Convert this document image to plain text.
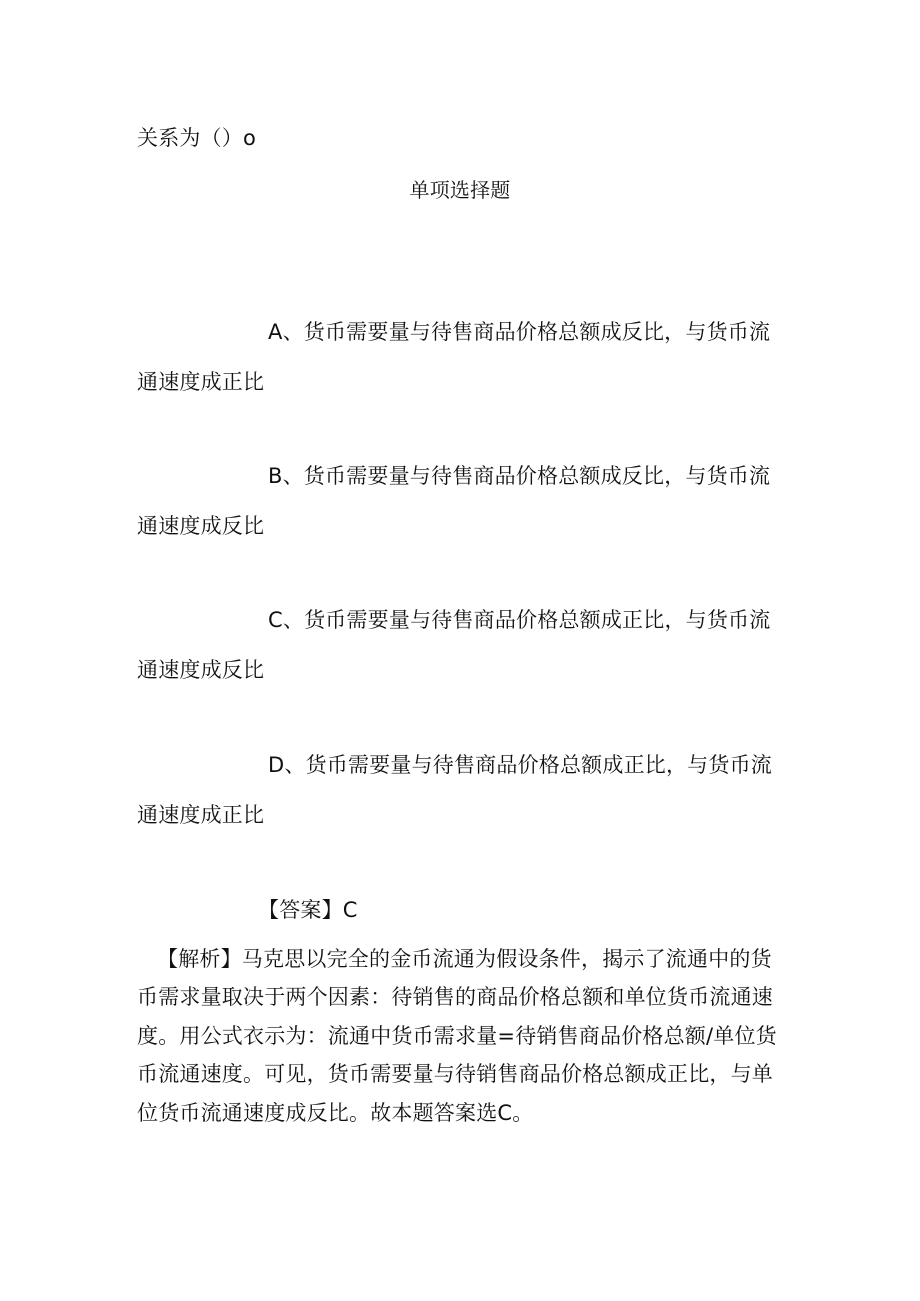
关系为（）o
单项选择题
A、货币需要量与待售商品价格总额成反比，与货币流
通速度成正比
B、货币需要量与待售商品价格总额成反比，与货币流
通速度成反比
C、货币需要量与待售商品价格总额成正比，与货币流
通速度成反比
D、货币需要量与待售商品价格总额成正比，与货币流
通速度成正比
【答案】C
【解析】马克思以完全的金币流通为假设条件，揭示了流通中的货
币需求量取决于两个因素：待销售的商品价格总额和单位货币流通速
度。用公式衣示为：流通中货币需求量=待销售商品价格总额/单位货
币流通速度。可见，货币需要量与待销售商品价格总额成正比，与单
位货币流通速度成反比。故本题答案选C。
